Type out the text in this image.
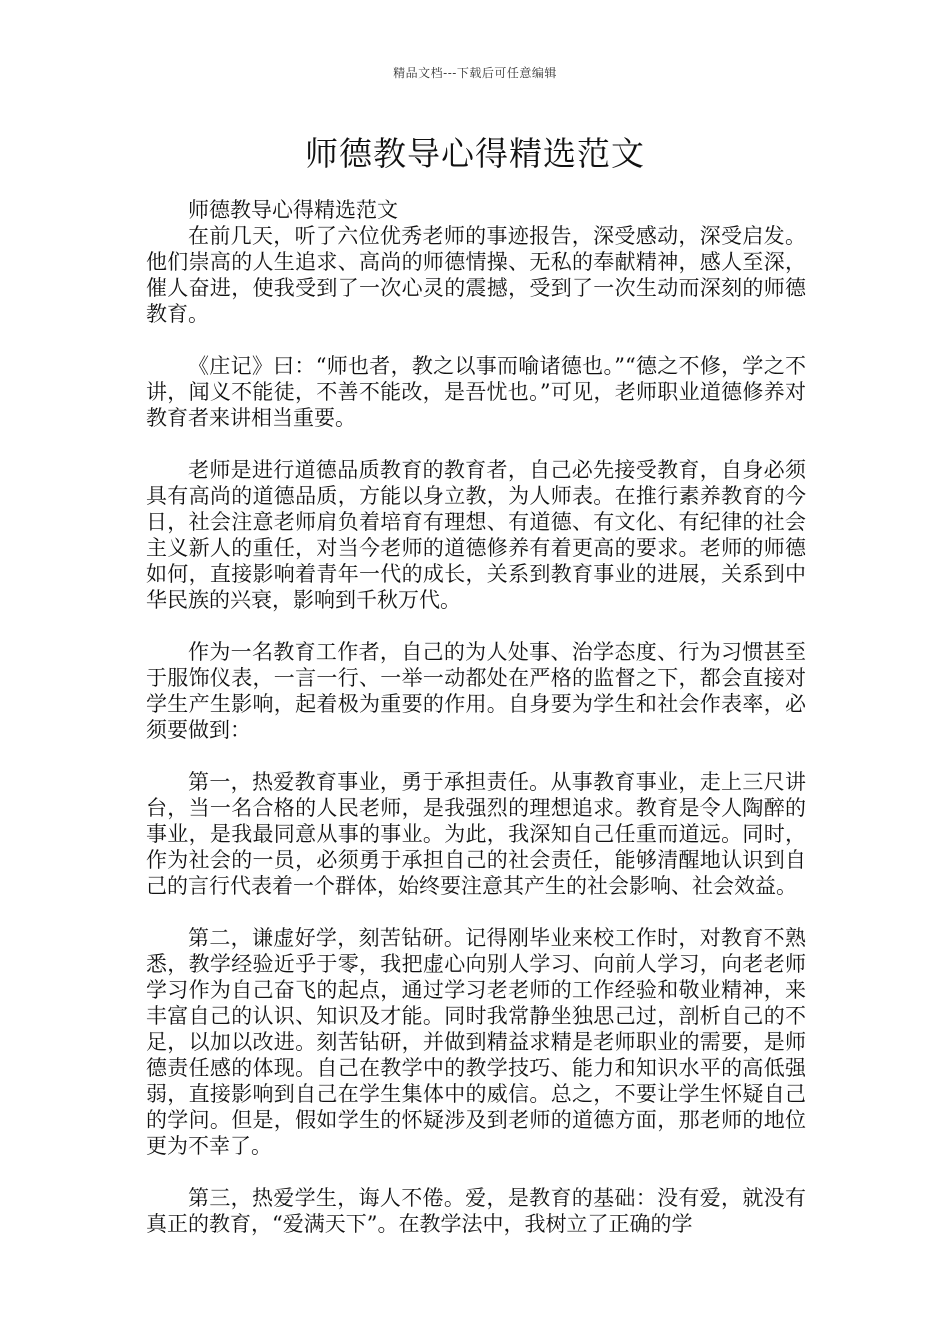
精品文档---下载后可任意编辑
师德教导心得精选范文

师德教导心得精选范文

在前几天，听了六位优秀老师的事迹报告，深受感动，深受启发。他们崇高的人生追求、高尚的师德情操、无私的奉献精神，感人至深，催人奋进，使我受到了一次心灵的震撼，受到了一次生动而深刻的师德教育。

《庄记》曰：“师也者，教之以事而喻诸德也。”“德之不修，学之不讲，闻义不能徒，不善不能改，是吾忧也。”可见，老师职业道德修养对教育者来讲相当重要。

老师是进行道德品质教育的教育者，自己必先接受教育，自身必须具有高尚的道德品质，方能以身立教，为人师表。在推行素养教育的今日，社会注意老师肩负着培育有理想、有道德、有文化、有纪律的社会主义新人的重任，对当今老师的道德修养有着更高的要求。老师的师德如何，直接影响着青年一代的成长，关系到教育事业的进展，关系到中华民族的兴衰，影响到千秋万代。

作为一名教育工作者，自己的为人处事、治学态度、行为习惯甚至于服饰仪表，一言一行、一举一动都处在严格的监督之下，都会直接对学生产生影响，起着极为重要的作用。自身要为学生和社会作表率，必须要做到：

第一，热爱教育事业，勇于承担责任。从事教育事业，走上三尺讲台，当一名合格的人民老师，是我强烈的理想追求。教育是令人陶醉的事业，是我最同意从事的事业。为此，我深知自己任重而道远。同时，作为社会的一员，必须勇于承担自己的社会责任，能够清醒地认识到自己的言行代表着一个群体，始终要注意其产生的社会影响、社会效益。

第二，谦虚好学，刻苦钻研。记得刚毕业来校工作时，对教育不熟悉，教学经验近乎于零，我把虚心向别人学习、向前人学习，向老老师学习作为自己奋飞的起点，通过学习老老师的工作经验和敬业精神，来丰富自己的认识、知识及才能。同时我常静坐独思己过，剖析自己的不足，以加以改进。刻苦钻研，并做到精益求精是老师职业的需要，是师德责任感的体现。自己在教学中的教学技巧、能力和知识水平的高低强弱，直接影响到自己在学生集体中的威信。总之，不要让学生怀疑自己的学问。但是，假如学生的怀疑涉及到老师的道德方面，那老师的地位更为不幸了。

第三，热爱学生，诲人不倦。爱，是教育的基础：没有爱，就没有真正的教育，“爱满天下”。在教学法中，我树立了正确的学
